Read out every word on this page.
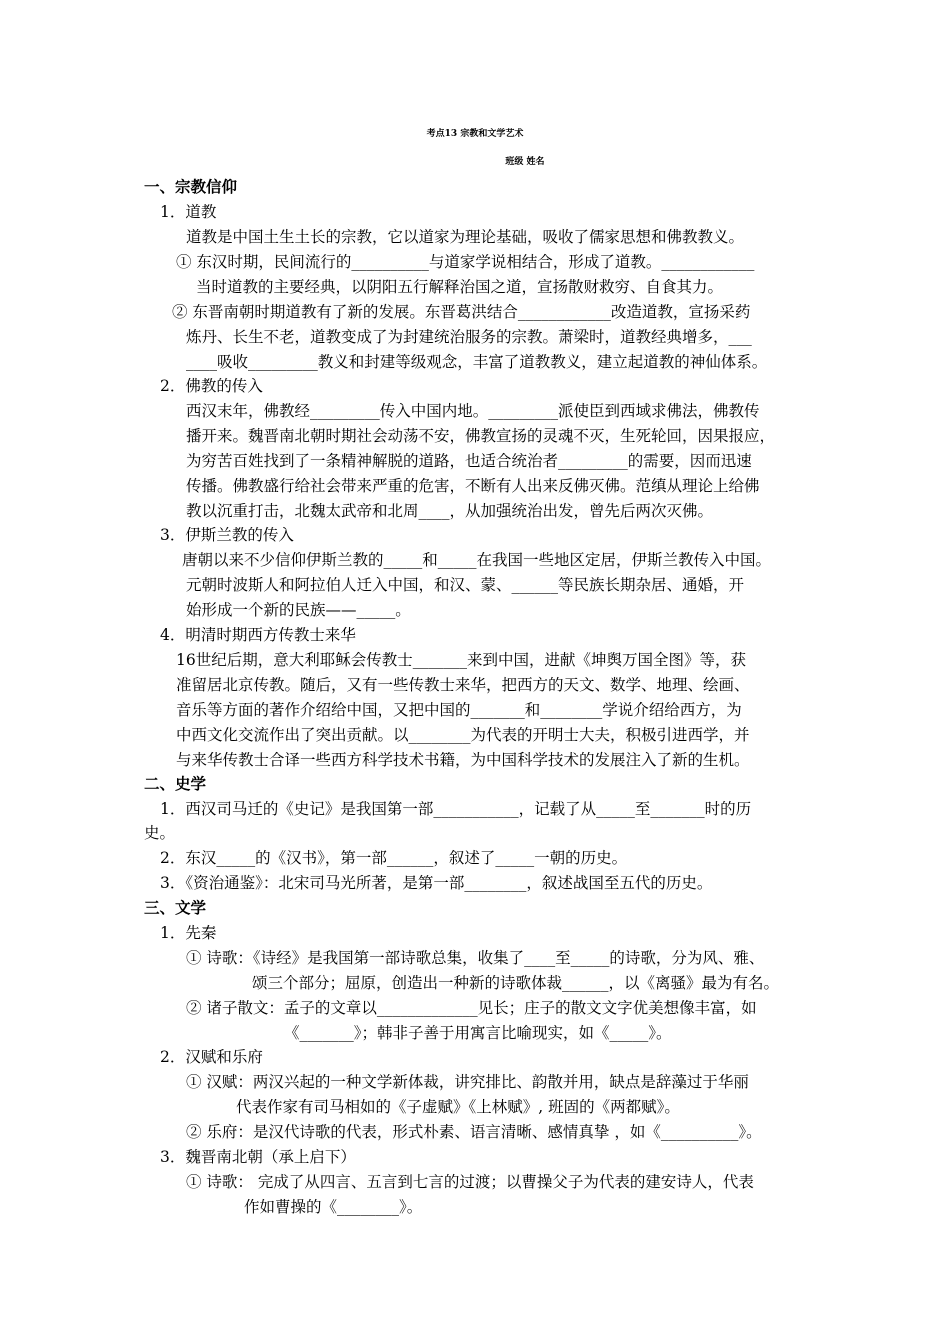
考点13 宗教和文学艺术
班级 姓名
一、宗教信仰
1．道教
道教是中国土生土长的宗教，它以道家为理论基础，吸收了儒家思想和佛教教义。
① 东汉时期，民间流行的__________与道家学说相结合，形成了道教。____________
当时道教的主要经典，以阴阳五行解释治国之道，宣扬散财救穷、自食其力。
② 东晋南朝时期道教有了新的发展。东晋葛洪结合____________改造道教，宣扬采药
炼丹、长生不老，道教变成了为封建统治服务的宗教。萧梁时，道教经典增多，___
____吸收_________教义和封建等级观念，丰富了道教教义，建立起道教的神仙体系。
2．佛教的传入
西汉末年，佛教经_________传入中国内地。_________派使臣到西域求佛法，佛教传
播开来。魏晋南北朝时期社会动荡不安，佛教宣扬的灵魂不灭，生死轮回，因果报应，
为穷苦百姓找到了一条精神解脱的道路，也适合统治者_________的需要，因而迅速
传播。佛教盛行给社会带来严重的危害，不断有人出来反佛灭佛。范缜从理论上给佛
教以沉重打击，北魏太武帝和北周____，从加强统治出发，曾先后两次灭佛。
3．伊斯兰教的传入
唐朝以来不少信仰伊斯兰教的_____和_____在我国一些地区定居，伊斯兰教传入中国。
元朝时波斯人和阿拉伯人迁入中国，和汉、蒙、______等民族长期杂居、通婚，开
始形成一个新的民族——_____。
4．明清时期西方传教士来华
16世纪后期，意大利耶稣会传教士_______来到中国，进献《坤舆万国全图》等，获
准留居北京传教。随后，又有一些传教士来华，把西方的天文、数学、地理、绘画、
音乐等方面的著作介绍给中国，又把中国的_______和________学说介绍给西方，为
中西文化交流作出了突出贡献。以________为代表的开明士大夫，积极引进西学，并
与来华传教士合译一些西方科学技术书籍，为中国科学技术的发展注入了新的生机。
二、史学
1．西汉司马迁的《史记》是我国第一部___________，记载了从_____至_______时的历
史。
2．东汉_____的《汉书》，第一部______，叙述了_____一朝的历史。
3．《资治通鉴》：北宋司马光所著，是第一部________，叙述战国至五代的历史。
三、文学
1．先秦
① 诗歌：《诗经》是我国第一部诗歌总集，收集了____至_____的诗歌，分为风、雅、
颂三个部分；屈原，创造出一种新的诗歌体裁______，以《离骚》最为有名。
② 诸子散文：孟子的文章以_____________见长；庄子的散文文字优美想像丰富，如
《_______》；韩非子善于用寓言比喻现实，如《_____》。
2．汉赋和乐府
① 汉赋：两汉兴起的一种文学新体裁，讲究排比、韵散并用，缺点是辞藻过于华丽
代表作家有司马相如的《子虚赋》《上林赋》, 班固的《两都赋》。
② 乐府：是汉代诗歌的代表，形式朴素、语言清晰、感情真挚 ，如《__________》。
3．魏晋南北朝（承上启下）
① 诗歌： 完成了从四言、五言到七言的过渡；以曹操父子为代表的建安诗人，代表
作如曹操的《________》。
